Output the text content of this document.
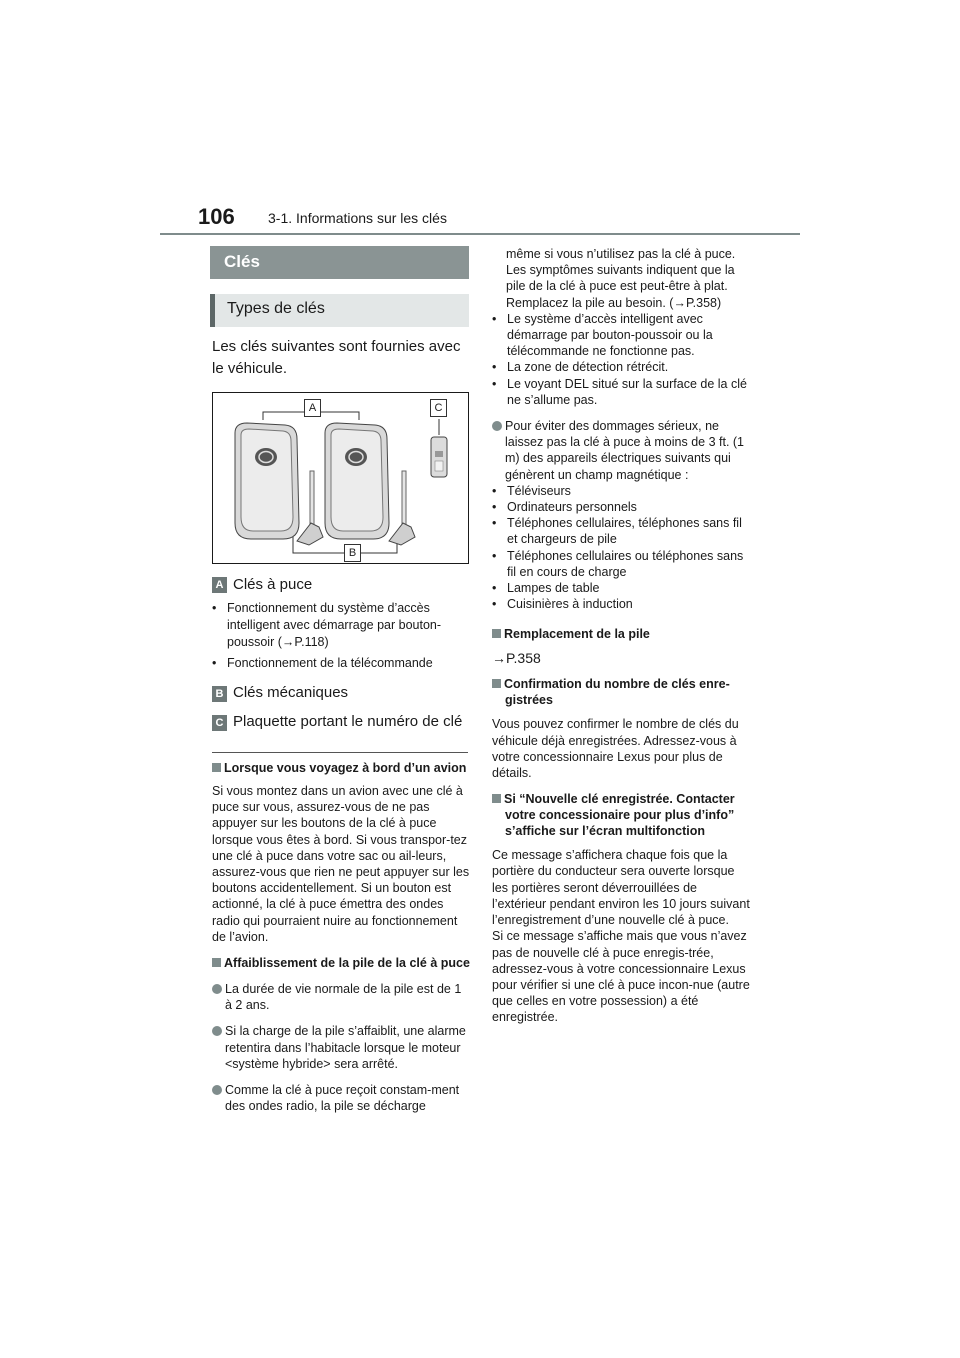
106 3-1. Informations sur les clés
Clés
Types de clés
Les clés suivantes sont fournies avec le véhicule.
A	C
B
A Clés à puce
• Fonctionnement du système d’accès intelligent avec démarrage par bouton-poussoir (→P.118)
• Fonctionnement de la télécommande
B Clés mécaniques
C Plaquette portant le numéro de clé
Lorsque vous voyagez à bord d’un avion
Si vous montez dans un avion avec une clé à puce sur vous, assurez-vous de ne pas appuyer sur les boutons de la clé à puce lorsque vous êtes à bord. Si vous transpor-tez une clé à puce dans votre sac ou ail-leurs, assurez-vous que rien ne peut appuyer sur les boutons accidentellement. Si un bouton est actionné, la clé à puce émettra des ondes radio qui pourraient nuire au fonctionnement de l’avion.
Affaiblissement de la pile de la clé à puce
La durée de vie normale de la pile est de 1 à 2 ans.
Si la charge de la pile s’affaiblit, une alarme retentira dans l’habitacle lorsque le moteur <système hybride> sera arrêté.
Comme la clé à puce reçoit constam-ment des ondes radio, la pile se décharge
même si vous n’utilisez pas la clé à puce. Les symptômes suivants indiquent que la pile de la clé à puce est peut-être à plat. Remplacez la pile au besoin. (→P.358)
• Le système d’accès intelligent avec démarrage par bouton-poussoir ou la télécommande ne fonctionne pas.
• La zone de détection rétrécit.
• Le voyant DEL situé sur la surface de la clé ne s’allume pas.
Pour éviter des dommages sérieux, ne laissez pas la clé à puce à moins de 3 ft. (1 m) des appareils électriques suivants qui génèrent un champ magnétique :
• Téléviseurs
• Ordinateurs personnels
• Téléphones cellulaires, téléphones sans fil et chargeurs de pile
• Téléphones cellulaires ou téléphones sans fil en cours de charge
• Lampes de table
• Cuisinières à induction
Remplacement de la pile
→P.358
Confirmation du nombre de clés enre-gistrées
Vous pouvez confirmer le nombre de clés du véhicule déjà enregistrées. Adressez-vous à votre concessionnaire Lexus pour plus de détails.
Si “Nouvelle clé enregistrée. Contacter votre concessionaire pour plus d’info” s’affiche sur l’écran multifonction
Ce message s’affichera chaque fois que la portière du conducteur sera ouverte lorsque les portières seront déverrouillées de l’extérieur pendant environ les 10 jours suivant l’enregistrement d’une nouvelle clé à puce.
Si ce message s’affiche mais que vous n’avez pas de nouvelle clé à puce enregis-trée, adressez-vous à votre concessionnaire Lexus pour vérifier si une clé à puce incon-nue (autre que celles en votre possession) a été enregistrée.
